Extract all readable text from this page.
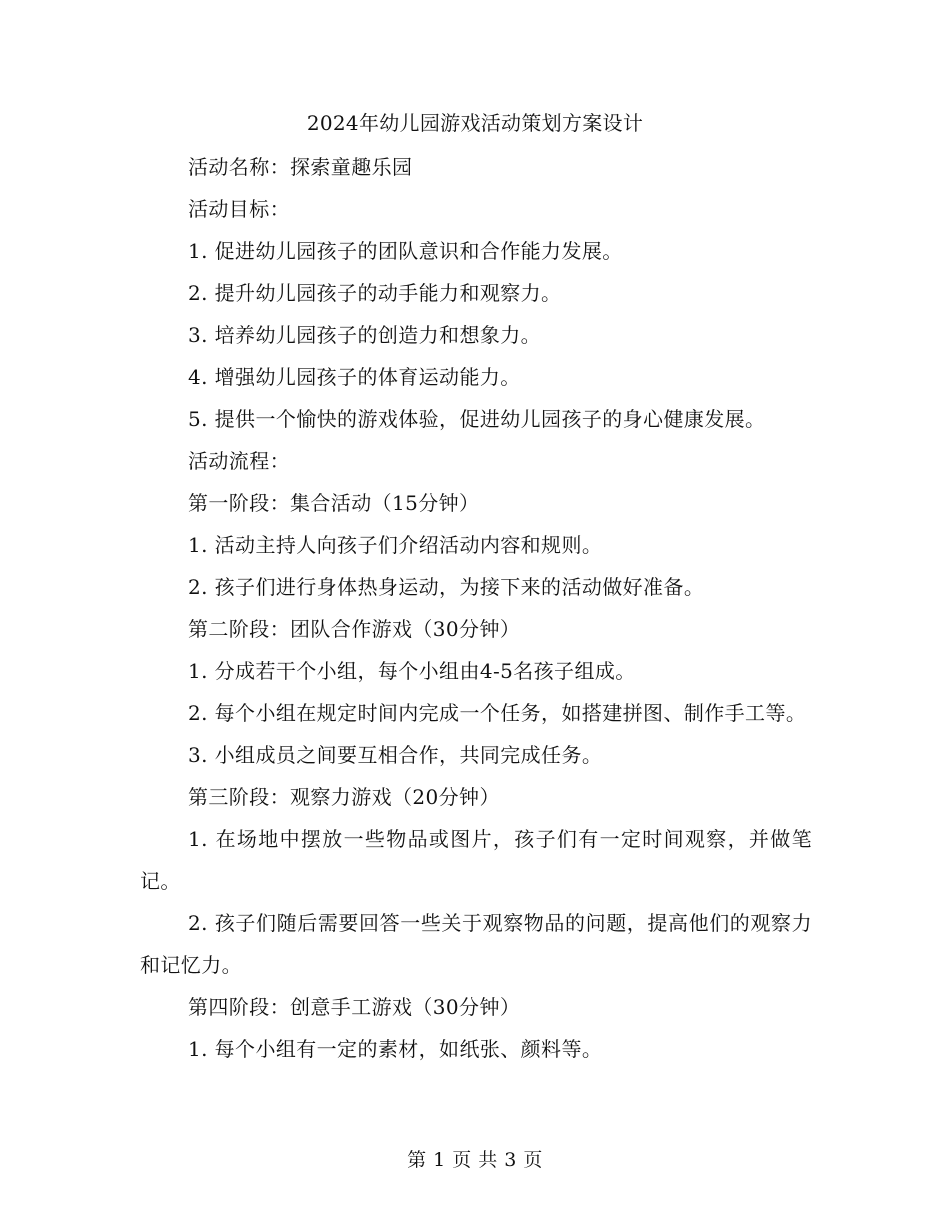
2024年幼儿园游戏活动策划方案设计

活动名称：探索童趣乐园

活动目标：

1. 促进幼儿园孩子的团队意识和合作能力发展。

2. 提升幼儿园孩子的动手能力和观察力。

3. 培养幼儿园孩子的创造力和想象力。

4. 增强幼儿园孩子的体育运动能力。

5. 提供一个愉快的游戏体验，促进幼儿园孩子的身心健康发展。

活动流程：

第一阶段：集合活动（15分钟）

1. 活动主持人向孩子们介绍活动内容和规则。

2. 孩子们进行身体热身运动，为接下来的活动做好准备。

第二阶段：团队合作游戏（30分钟）

1. 分成若干个小组，每个小组由4-5名孩子组成。

2. 每个小组在规定时间内完成一个任务，如搭建拼图、制作手工等。

3. 小组成员之间要互相合作，共同完成任务。

第三阶段：观察力游戏（20分钟）

1. 在场地中摆放一些物品或图片，孩子们有一定时间观察，并做笔记。

2. 孩子们随后需要回答一些关于观察物品的问题，提高他们的观察力和记忆力。

第四阶段：创意手工游戏（30分钟）

1. 每个小组有一定的素材，如纸张、颜料等。

第 1 页 共 3 页
